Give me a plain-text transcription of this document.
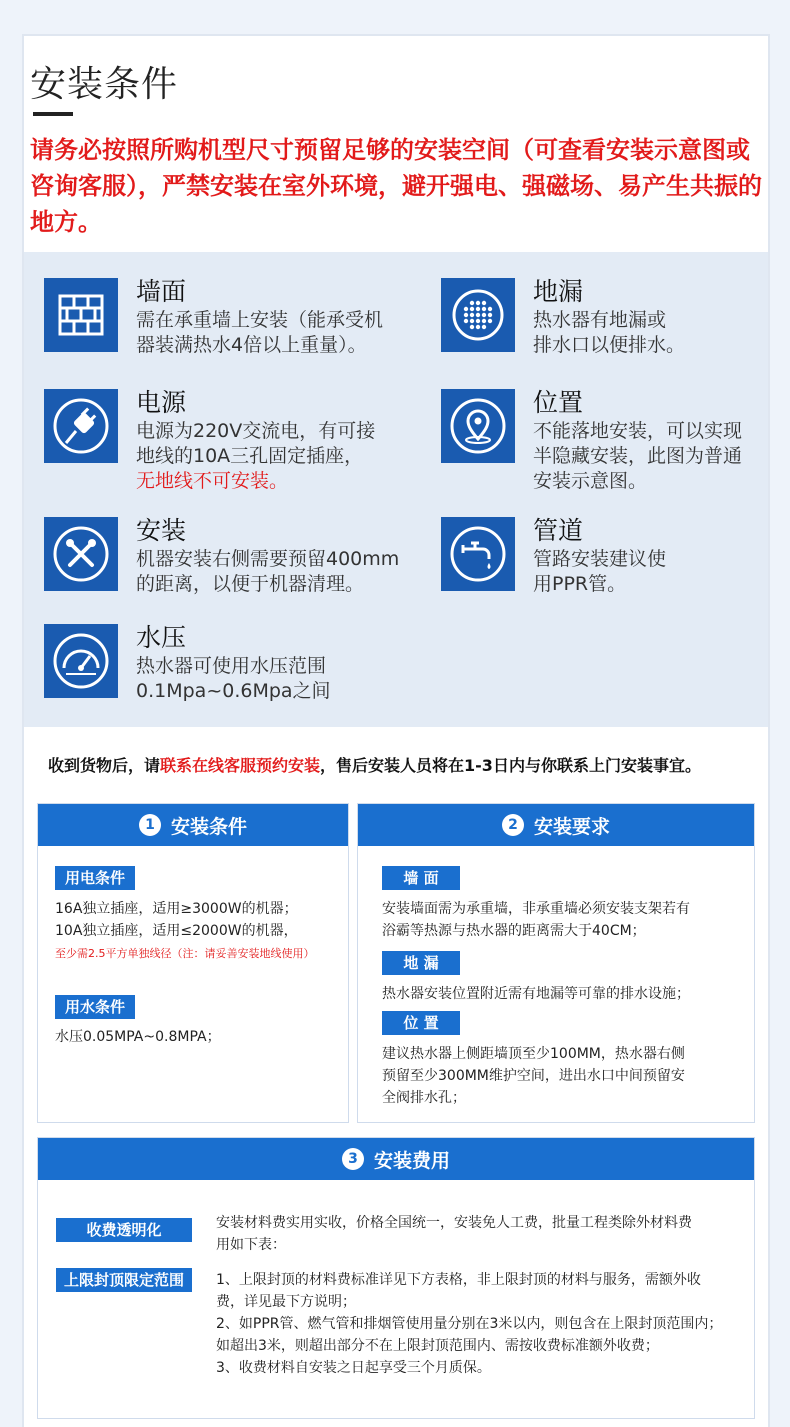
安装条件
请务必按照所购机型尺寸预留足够的安装空间（可查看安装示意图或咨询客服），严禁安装在室外环境，避开强电、强磁场、易产生共振的地方。
墙面
需在承重墙上安装（能承受机
器装满热水4倍以上重量）。
地漏
热水器有地漏或
排水口以便排水。
电源
电源为220V交流电，有可接
地线的10A三孔固定插座，
无地线不可安装。
位置
不能落地安装，可以实现
半隐藏安装，此图为普通
安装示意图。
安装
机器安装右侧需要预留400mm
的距离，以便于机器清理。
管道
管路安装建议使
用PPR管。
水压
热水器可使用水压范围
0.1Mpa~0.6Mpa之间
收到货物后，请联系在线客服预约安装，售后安装人员将在1-3日内与你联系上门安装事宜。
1 安装条件
用电条件
16A独立插座，适用≥3000W的机器；
10A独立插座，适用≤2000W的机器，
至少需2.5平方单独线径（注：请妥善安装地线使用）
用水条件
水压0.05MPA~0.8MPA；
2 安装要求
墙 面
安装墙面需为承重墙，非承重墙必须安装支架若有
浴霸等热源与热水器的距离需大于40CM；
地 漏
热水器安装位置附近需有地漏等可靠的排水设施；
位 置
建议热水器上侧距墙顶至少100MM，热水器右侧
预留至少300MM维护空间，进出水口中间预留安
全阀排水孔；
3 安装费用
收费透明化	安装材料费实用实收，价格全国统一，安装免人工费，批量工程类除外材料费
用如下表：
上限封顶限定范围	1、上限封顶的材料费标准详见下方表格，非上限封顶的材料与服务，需额外收
费，详见最下方说明；
2、如PPR管、燃气管和排烟管使用量分别在3米以内，则包含在上限封顶范围内；
如超出3米，则超出部分不在上限封顶范围内、需按收费标准额外收费；
3、收费材料自安装之日起享受三个月质保。
